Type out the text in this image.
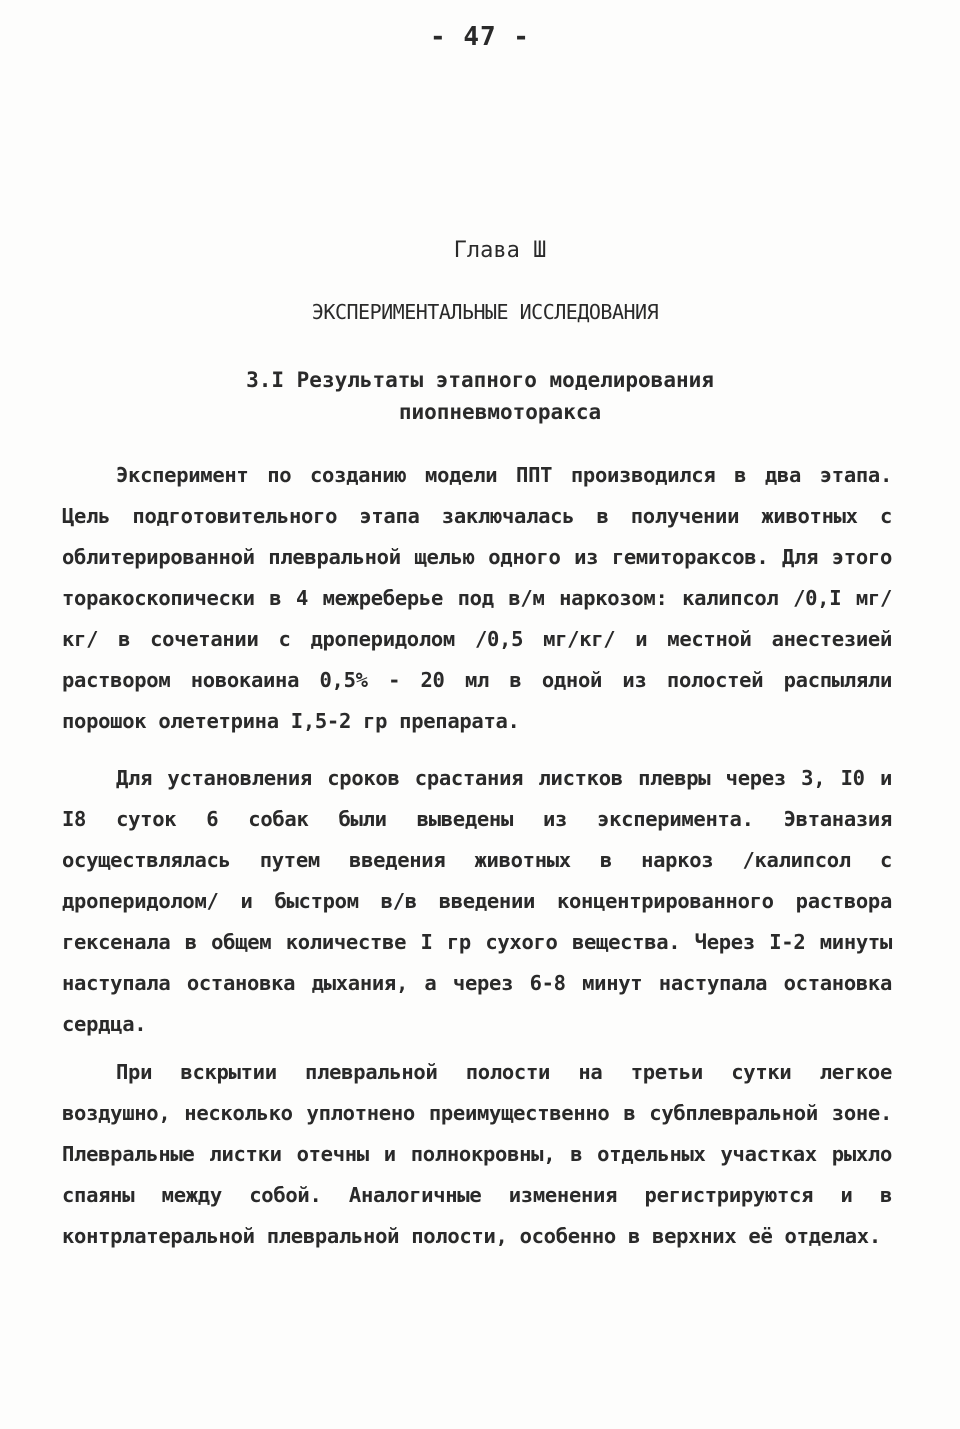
- 47 -
Глава Ш
ЭКСПЕРИМЕНТАЛЬНЫЕ ИССЛЕДОВАНИЯ
3.I Результаты этапного моделирования
пиопневмоторакса

Эксперимент по созданию модели ППТ производился в два этапа. Цель подготовительного этапа заключалась в получении животных с облитерированной плевральной щелью одного из гемитораксов. Для этого торакоскопически в 4 межреберье под в/м наркозом: калипсол /0,I мг/кг/ в сочетании с дроперидолом /0,5 мг/кг/ и местной анестезией раствором новокаина 0,5% - 20 мл в одной из полостей распыляли порошок олететрина I,5-2 гр препарата.

Для установления сроков срастания листков плевры через 3, I0 и I8 суток 6 собак были выведены из эксперимента. Эвтаназия осуществлялась путем введения животных в наркоз /калипсол с дроперидолом/ и быстром в/в введении концентрированного раствора гексенала в общем количестве I гр сухого вещества. Через I-2 минуты наступала остановка дыхания, а через 6-8 минут наступала остановка сердца.

При вскрытии плевральной полости на третьи сутки легкое воздушно, несколько уплотнено преимущественно в субплевральной зоне. Плевральные листки отечны и полнокровны, в отдельных участках рыхло спаяны между собой. Аналогичные изменения регистрируются и в контрлатеральной плевральной полости, особенно в верхних её отделах.
